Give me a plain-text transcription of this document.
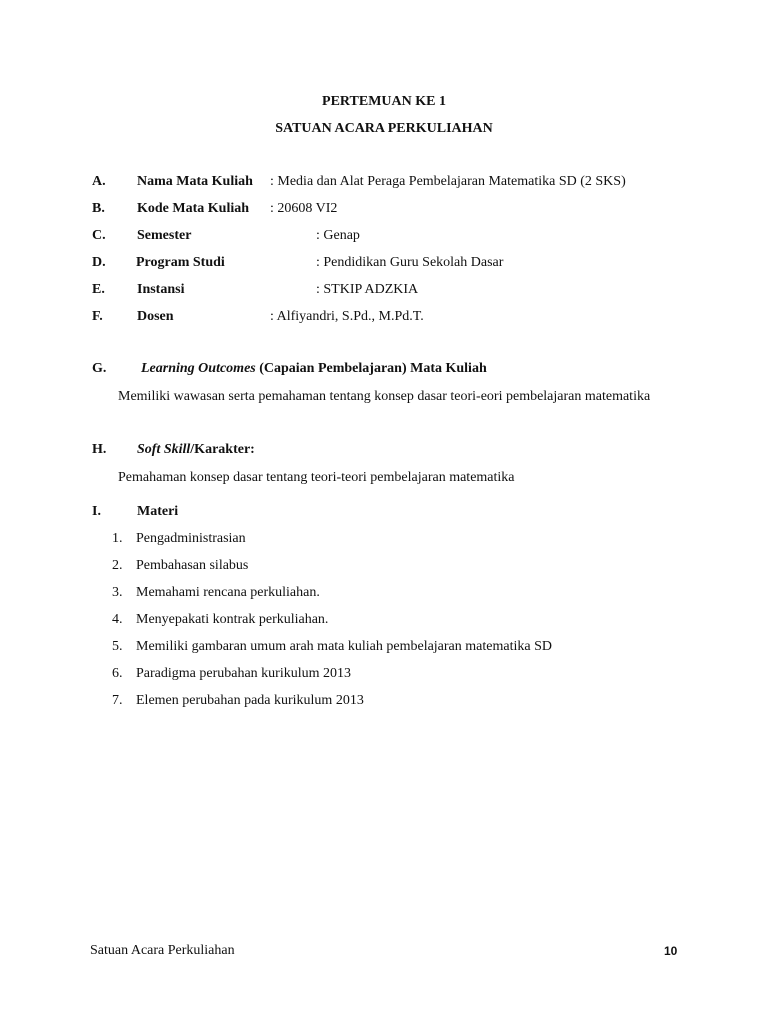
PERTEMUAN KE 1
SATUAN ACARA PERKULIAHAN
A. Nama Mata Kuliah : Media dan Alat Peraga Pembelajaran Matematika SD (2 SKS)
B. Kode Mata Kuliah : 20608 VI2
C. Semester	: Genap
D. Program Studi	: Pendidikan Guru Sekolah Dasar
E. Instansi	: STKIP ADZKIA
F. Dosen	: Alfiyandri, S.Pd., M.Pd.T.
G. Learning Outcomes (Capaian Pembelajaran) Mata Kuliah
Memiliki wawasan serta pemahaman tentang konsep dasar teori-eori pembelajaran matematika
H. Soft Skill/Karakter:
Pemahaman konsep dasar tentang teori-teori pembelajaran matematika
I.	Materi
1. Pengadministrasian
2. Pembahasan silabus
3. Memahami rencana perkuliahan.
4. Menyepakati kontrak perkuliahan.
5. Memiliki gambaran umum arah mata kuliah pembelajaran matematika SD
6. Paradigma perubahan kurikulum 2013
7. Elemen perubahan pada kurikulum 2013
Satuan Acara Perkuliahan	10
